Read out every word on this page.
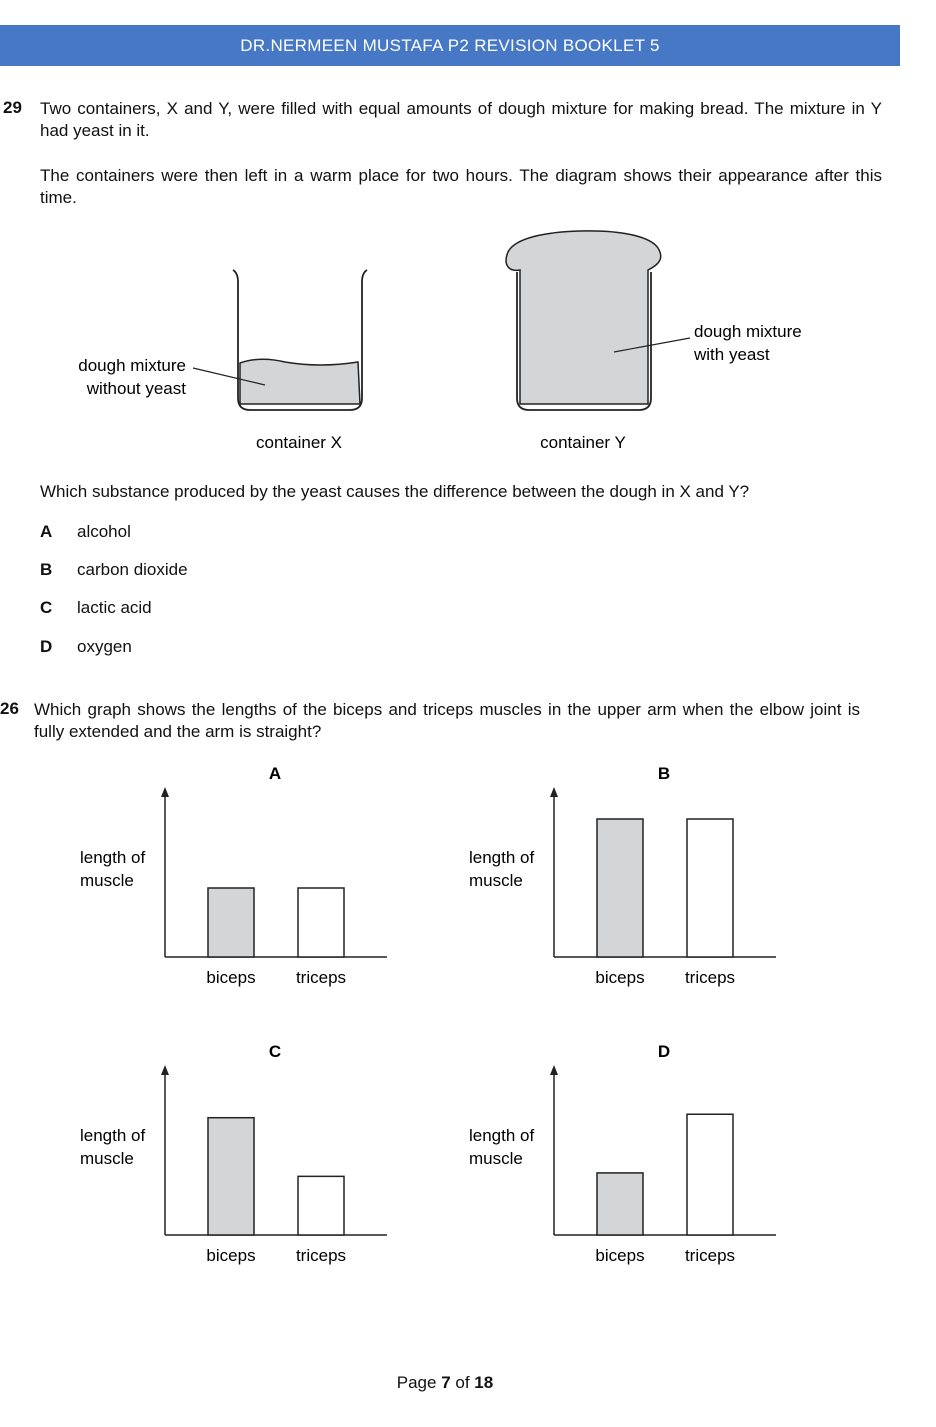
DR.NERMEEN MUSTAFA P2 REVISION BOOKLET 5
29 Two containers, X and Y, were filled with equal amounts of dough mixture for making bread. The mixture in Y had yeast in it.
The containers were then left in a warm place for two hours. The diagram shows their appearance after this time.
dough mixture
without yeast
container X
dough mixture
with yeast
container Y
Which substance produced by the yeast causes the difference between the dough in X and Y?
A alcohol
B carbon dioxide
C lactic acid
D oxygen
26 Which graph shows the lengths of the biceps and triceps muscles in the upper arm when the elbow joint is fully extended and the arm is straight?
A
length of
muscle
biceps triceps
B
length of
muscle
biceps triceps
C
length of
muscle
biceps triceps
D
length of
muscle
biceps triceps
Page 7 of 18
